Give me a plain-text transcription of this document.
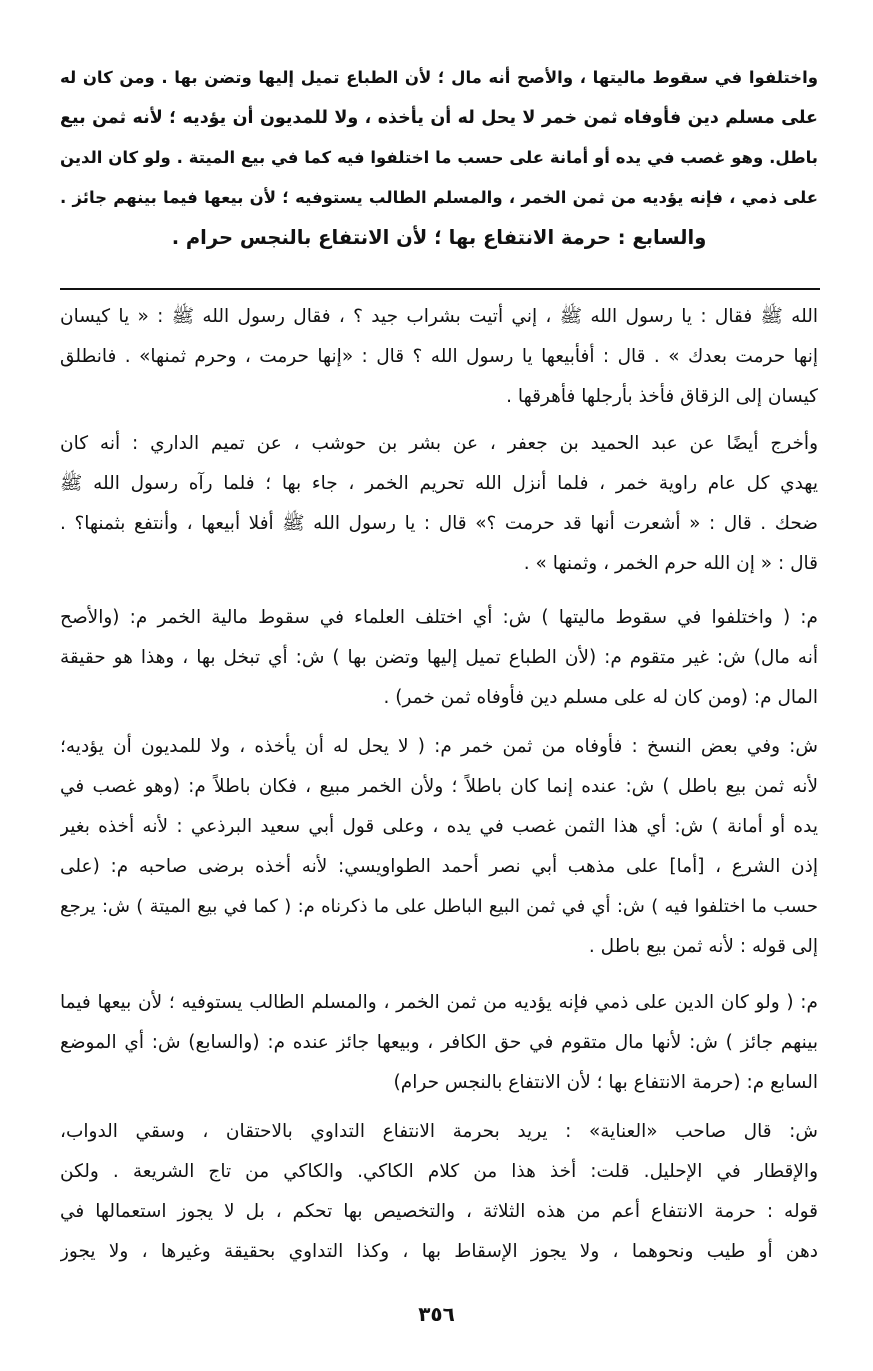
واختلفوا في سقوط ماليتها ، والأصح أنه مال ؛ لأن الطباع تميل إليها وتضن بها . ومن كان له
على مسلم دين فأوفاه ثمن خمر لا يحل له أن يأخذه ، ولا للمديون أن يؤديه ؛ لأنه ثمن بيع
باطل. وهو غصب في يده أو أمانة على حسب ما اختلفوا فيه كما في بيع الميتة . ولو كان الدين
على ذمي ، فإنه يؤديه من ثمن الخمر ، والمسلم الطالب يستوفيه ؛ لأن بيعها فيما بينهم جائز .
والسابع : حرمة الانتفاع بها ؛ لأن الانتفاع بالنجس حرام .
الله ﷺ فقال : يا رسول الله ﷺ ، إني أتيت بشراب جيد ؟ ، فقال رسول الله ﷺ : « يا كيسان
إنها حرمت بعدك » . قال : أفأبيعها يا رسول الله ؟ قال : «إنها حرمت ، وحرم ثمنها» . فانطلق
كيسان إلى الزقاق فأخذ بأرجلها فأهرقها .
وأخرج أيضًا عن عبد الحميد بن جعفر ، عن بشر بن حوشب ، عن تميم الداري : أنه كان
يهدي كل عام راوية خمر ، فلما أنزل الله تحريم الخمر ، جاء بها ؛ فلما رآه رسول الله ﷺ
ضحك . قال : « أشعرت أنها قد حرمت ؟» قال : يا رسول الله ﷺ أفلا أبيعها ، وأنتفع بثمنها؟ .
قال : « إن الله حرم الخمر ، وثمنها » .
م: ( واختلفوا في سقوط ماليتها ) ش: أي اختلف العلماء في سقوط مالية الخمر م: (والأصح
أنه مال) ش: غير متقوم م: (لأن الطباع تميل إليها وتضن بها ) ش: أي تبخل بها ، وهذا هو حقيقة
المال م: (ومن كان له على مسلم دين فأوفاه ثمن خمر) .
ش: وفي بعض النسخ : فأوفاه من ثمن خمر م: ( لا يحل له أن يأخذه ، ولا للمديون أن يؤديه؛
لأنه ثمن بيع باطل ) ش: عنده إنما كان باطلاً ؛ ولأن الخمر مبيع ، فكان باطلاً م: (وهو غصب في
يده أو أمانة ) ش: أي هذا الثمن غصب في يده ، وعلى قول أبي سعيد البرذعي : لأنه أخذه بغير
إذن الشرع ، [أما] على مذهب أبي نصر أحمد الطواويسي: لأنه أخذه برضى صاحبه م: (على
حسب ما اختلفوا فيه ) ش: أي في ثمن البيع الباطل على ما ذكرناه م: ( كما في بيع الميتة ) ش: يرجع
إلى قوله : لأنه ثمن بيع باطل .
م: ( ولو كان الدين على ذمي فإنه يؤديه من ثمن الخمر ، والمسلم الطالب يستوفيه ؛ لأن بيعها فيما
بينهم جائز ) ش: لأنها مال متقوم في حق الكافر ، وبيعها جائز عنده م: (والسابع) ش: أي الموضع
السابع م: (حرمة الانتفاع بها ؛ لأن الانتفاع بالنجس حرام)
ش: قال صاحب «العناية» : يريد بحرمة الانتفاع التداوي بالاحتقان ، وسقي الدواب،
والإقطار في الإحليل. قلت: أخذ هذا من كلام الكاكي. والكاكي من تاج الشريعة . ولكن
قوله : حرمة الانتفاع أعم من هذه الثلاثة ، والتخصيص بها تحكم ، بل لا يجوز استعمالها في
دهن أو طيب ونحوهما ، ولا يجوز الإسقاط بها ، وكذا التداوي بحقيقة وغيرها ، ولا يجوز
٣٥٦
